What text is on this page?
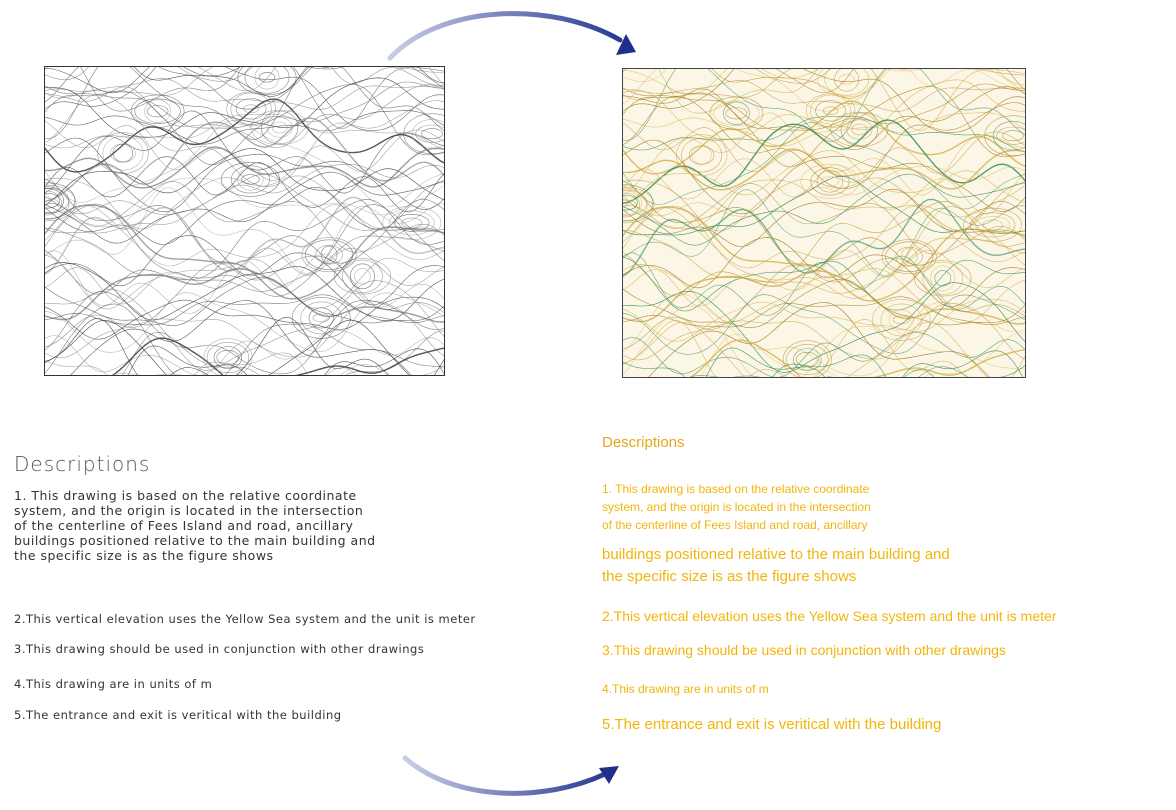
Descriptions
1. This drawing is based on the relative coordinate
system, and the origin is located in the intersection
of the centerline of Fees Island and road, ancillary
buildings positioned relative to the main building and
the specific size is as the figure shows
2.This vertical elevation uses the Yellow Sea system and the unit is meter
3.This drawing should be used in conjunction with other drawings
4.This drawing are in units of m
5.The entrance and exit is veritical with the building
Descriptions
1. This drawing is based on the relative coordinate
system, and the origin is located in the intersection
of the centerline of Fees Island and road, ancillary
buildings positioned relative to the main building and
the specific size is as the figure shows
2.This vertical elevation uses the Yellow Sea system and the unit is meter
3.This drawing should be used in conjunction with other drawings
4.This drawing are in units of m
5.The entrance and exit is veritical with the building
